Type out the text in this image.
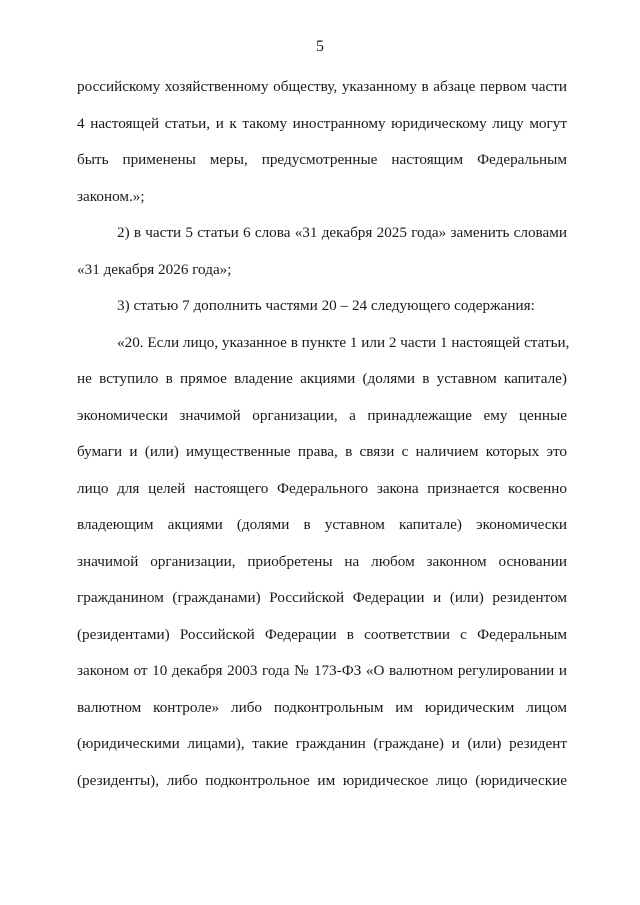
5
российскому хозяйственному обществу, указанному в абзаце первом части
4 настоящей статьи, и к такому иностранному юридическому лицу могут
быть применены меры, предусмотренные настоящим Федеральным
законом.»;
2) в части 5 статьи 6 слова «31 декабря 2025 года» заменить словами
«31 декабря 2026 года»;
3) статью 7 дополнить частями 20 – 24 следующего содержания:
«20. Если лицо, указанное в пункте 1 или 2 части 1 настоящей статьи,
не вступило в прямое владение акциями (долями в уставном капитале)
экономически значимой организации, а принадлежащие ему ценные
бумаги и (или) имущественные права, в связи с наличием которых это
лицо для целей настоящего Федерального закона признается косвенно
владеющим акциями (долями в уставном капитале) экономически
значимой организации, приобретены на любом законном основании
гражданином (гражданами) Российской Федерации и (или) резидентом
(резидентами) Российской Федерации в соответствии с Федеральным
законом от 10 декабря 2003 года № 173-ФЗ «О валютном регулировании и
валютном контроле» либо подконтрольным им юридическим лицом
(юридическими лицами), такие гражданин (граждане) и (или) резидент
(резиденты), либо подконтрольное им юридическое лицо (юридические
